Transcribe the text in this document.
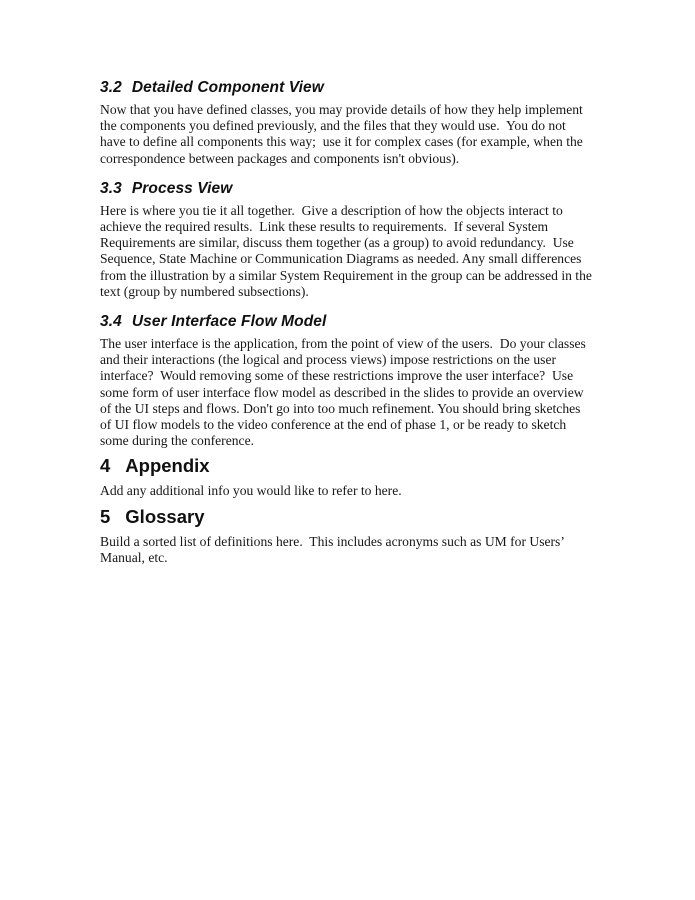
3.2 Detailed Component View

Now that you have defined classes, you may provide details of how they help implement the components you defined previously, and the files that they would use.  You do not have to define all components this way;  use it for complex cases (for example, when the correspondence between packages and components isn't obvious).

3.3 Process View

Here is where you tie it all together.  Give a description of how the objects interact to achieve the required results.  Link these results to requirements.  If several System Requirements are similar, discuss them together (as a group) to avoid redundancy.  Use Sequence, State Machine or Communication Diagrams as needed. Any small differences from the illustration by a similar System Requirement in the group can be addressed in the text (group by numbered subsections).

3.4 User Interface Flow Model

The user interface is the application, from the point of view of the users.  Do your classes and their interactions (the logical and process views) impose restrictions on the user interface?  Would removing some of these restrictions improve the user interface?  Use some form of user interface flow model as described in the slides to provide an overview of the UI steps and flows. Don't go into too much refinement. You should bring sketches of UI flow models to the video conference at the end of phase 1, or be ready to sketch some during the conference.

4 Appendix

Add any additional info you would like to refer to here.

5 Glossary

Build a sorted list of definitions here.  This includes acronyms such as UM for Users’ Manual, etc.
